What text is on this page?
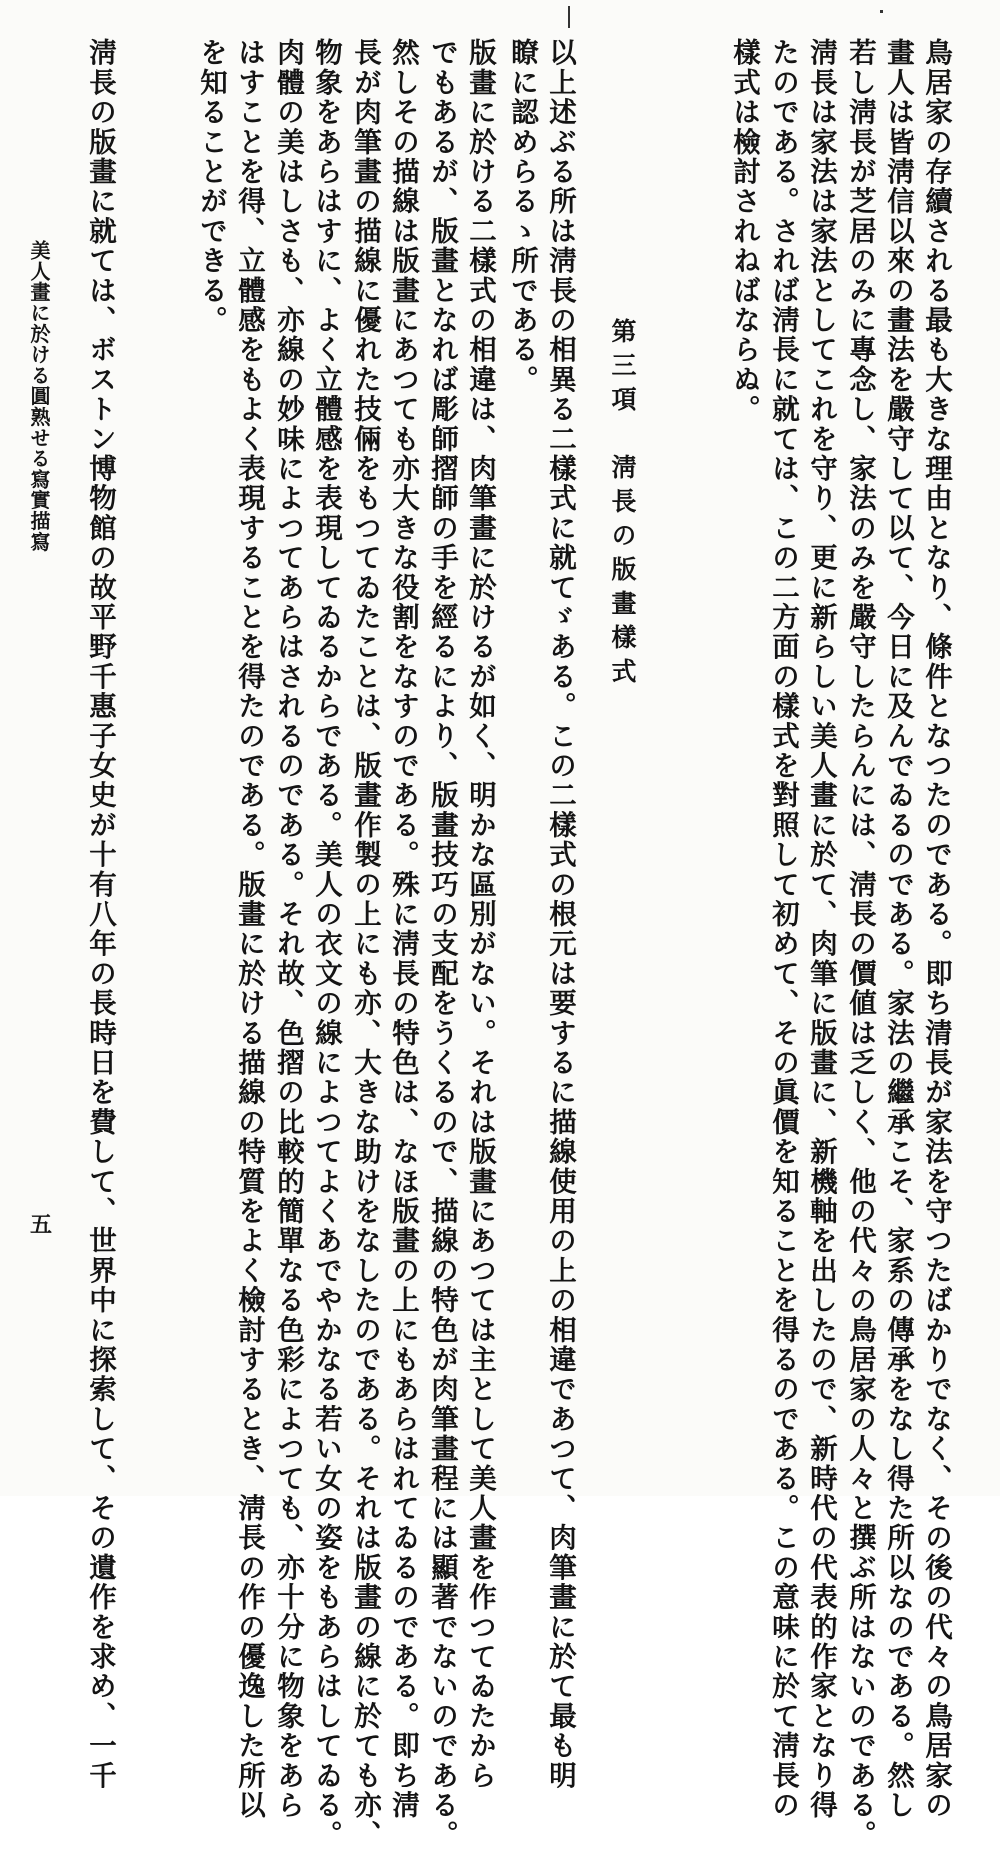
第三項　淸長の版畫樣式	鳥居家の存續される最も大きな理由となり、條件となつたのである。即ち清長が家法を守つたばかりでなく、その後の代々の鳥居家の
畫人は皆淸信以來の畫法を嚴守して以て、今日に及んでゐるのである。家法の繼承こそ、家系の傳承をなし得た所以なのである。然し
若し淸長が芝居のみに專念し、家法のみを嚴守したらんには、淸長の價値は乏しく、他の代々の鳥居家の人々と撰ぶ所はないのである。
淸長は家法は家法としてこれを守り、更に新らしい美人畫に於て、肉筆に版畫に、新機軸を出したので、新時代の代表的作家となり得
たのである。されば淸長に就ては、この二方面の樣式を對照して初めて、その眞價を知ることを得るのである。この意味に於て淸長の
樣式は檢討されねばならぬ。
以上述ぶる所は淸長の相異る二樣式に就てゞある。この二樣式の根元は要するに描線使用の上の相違であつて、肉筆畫に於て最も明
瞭に認めらるゝ所である。
版畫に於ける二樣式の相違は、肉筆畫に於けるが如く、明かな區別がない。それは版畫にあつては主として美人畫を作つてゐたから
でもあるが、版畫となれば彫師摺師の手を經るにより、版畫技巧の支配をうくるので、描線の特色が肉筆畫程には顯著でないのである。
然しその描線は版畫にあつても亦大きな役割をなすのである。殊に淸長の特色は、なほ版畫の上にもあらはれてゐるのである。即ち淸
長が肉筆畫の描線に優れた技倆をもつてゐたことは、版畫作製の上にも亦、大きな助けをなしたのである。それは版畫の線に於ても亦、
物象をあらはすに、よく立體感を表現してゐるからである。美人の衣文の線によつてよくあでやかなる若い女の姿をもあらはしてゐる。
肉體の美はしさも、亦線の妙味によつてあらはされるのである。それ故、色摺の比較的簡單なる色彩によつても、亦十分に物象をあら
はすことを得、立體感をもよく表現することを得たのである。版畫に於ける描線の特質をよく檢討するとき、淸長の作の優逸した所以
を知ることができる。
淸長の版畫に就ては、ボストン博物館の故平野千惠子女史が十有八年の長時日を費して、世界中に探索して、その遺作を求め、一千
美人畫に於ける圓熟せる寫實描寫
五
